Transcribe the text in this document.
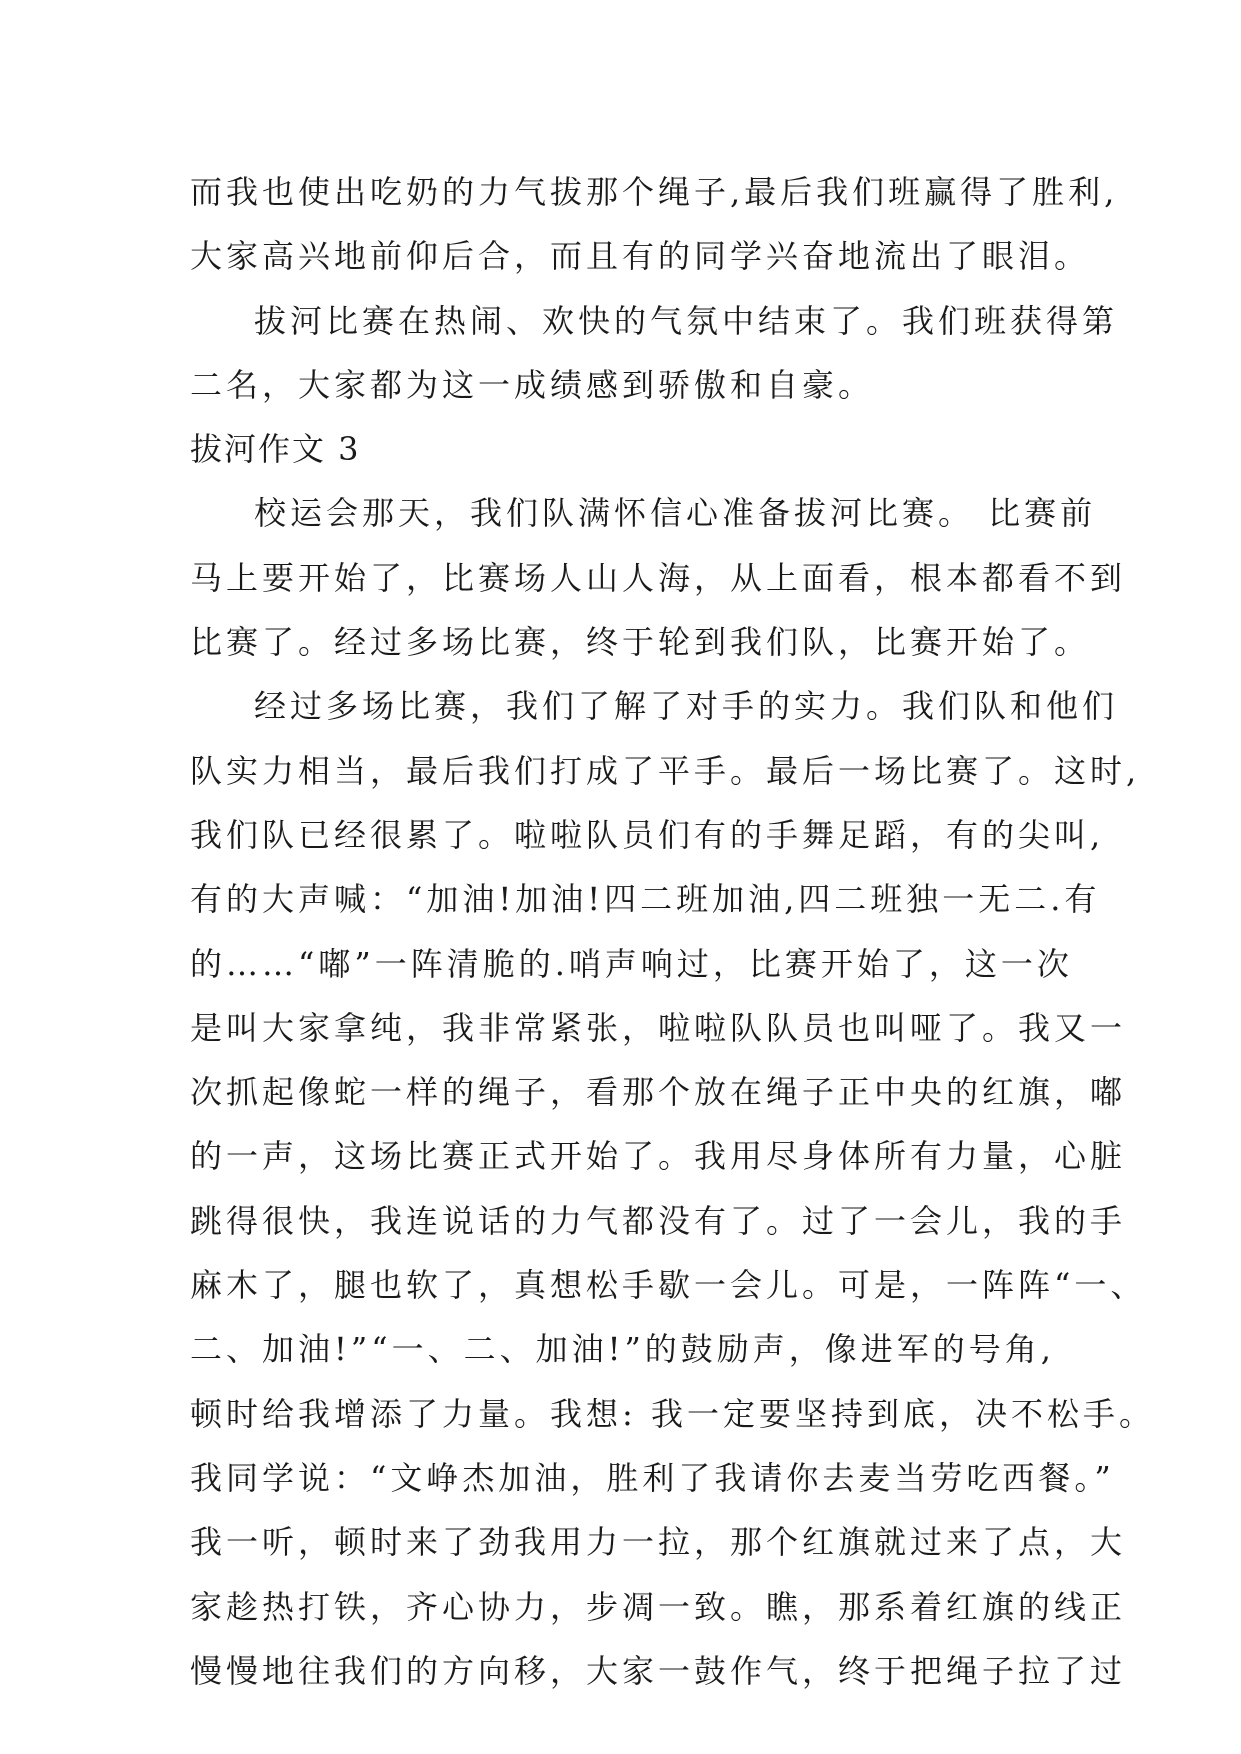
而我也使出吃奶的力气拔那个绳子,最后我们班赢得了胜利,
大家高兴地前仰后合，而且有的同学兴奋地流出了眼泪。
拔河比赛在热闹、欢快的气氛中结束了。我们班获得第
二名，大家都为这一成绩感到骄傲和自豪。
拔河作文 3
校运会那天，我们队满怀信心准备拔河比赛。 比赛前
马上要开始了，比赛场人山人海，从上面看，根本都看不到
比赛了。经过多场比赛，终于轮到我们队，比赛开始了。
经过多场比赛，我们了解了对手的实力。我们队和他们
队实力相当，最后我们打成了平手。最后一场比赛了。这时,
我们队已经很累了。啦啦队员们有的手舞足蹈，有的尖叫,
有的大声喊：“加油!加油!四二班加油,四二班独一无二.有
的……“嘟”一阵清脆的.哨声响过，比赛开始了，这一次
是叫大家拿纯，我非常紧张，啦啦队队员也叫哑了。我又一
次抓起像蛇一样的绳子，看那个放在绳子正中央的红旗，嘟
的一声，这场比赛正式开始了。我用尽身体所有力量，心脏
跳得很快，我连说话的力气都没有了。过了一会儿，我的手
麻木了，腿也软了，真想松手歇一会儿。可是，一阵阵“一、
二、加油!”“一、二、加油!”的鼓励声，像进军的号角,
顿时给我增添了力量。我想: 我一定要坚持到底，决不松手。
我同学说：“文峥杰加油，胜利了我请你去麦当劳吃西餐。”
我一听，顿时来了劲我用力一拉，那个红旗就过来了点，大
家趁热打铁，齐心协力，步凋一致。瞧，那系着红旗的线正
慢慢地往我们的方向移，大家一鼓作气，终于把绳子拉了过
